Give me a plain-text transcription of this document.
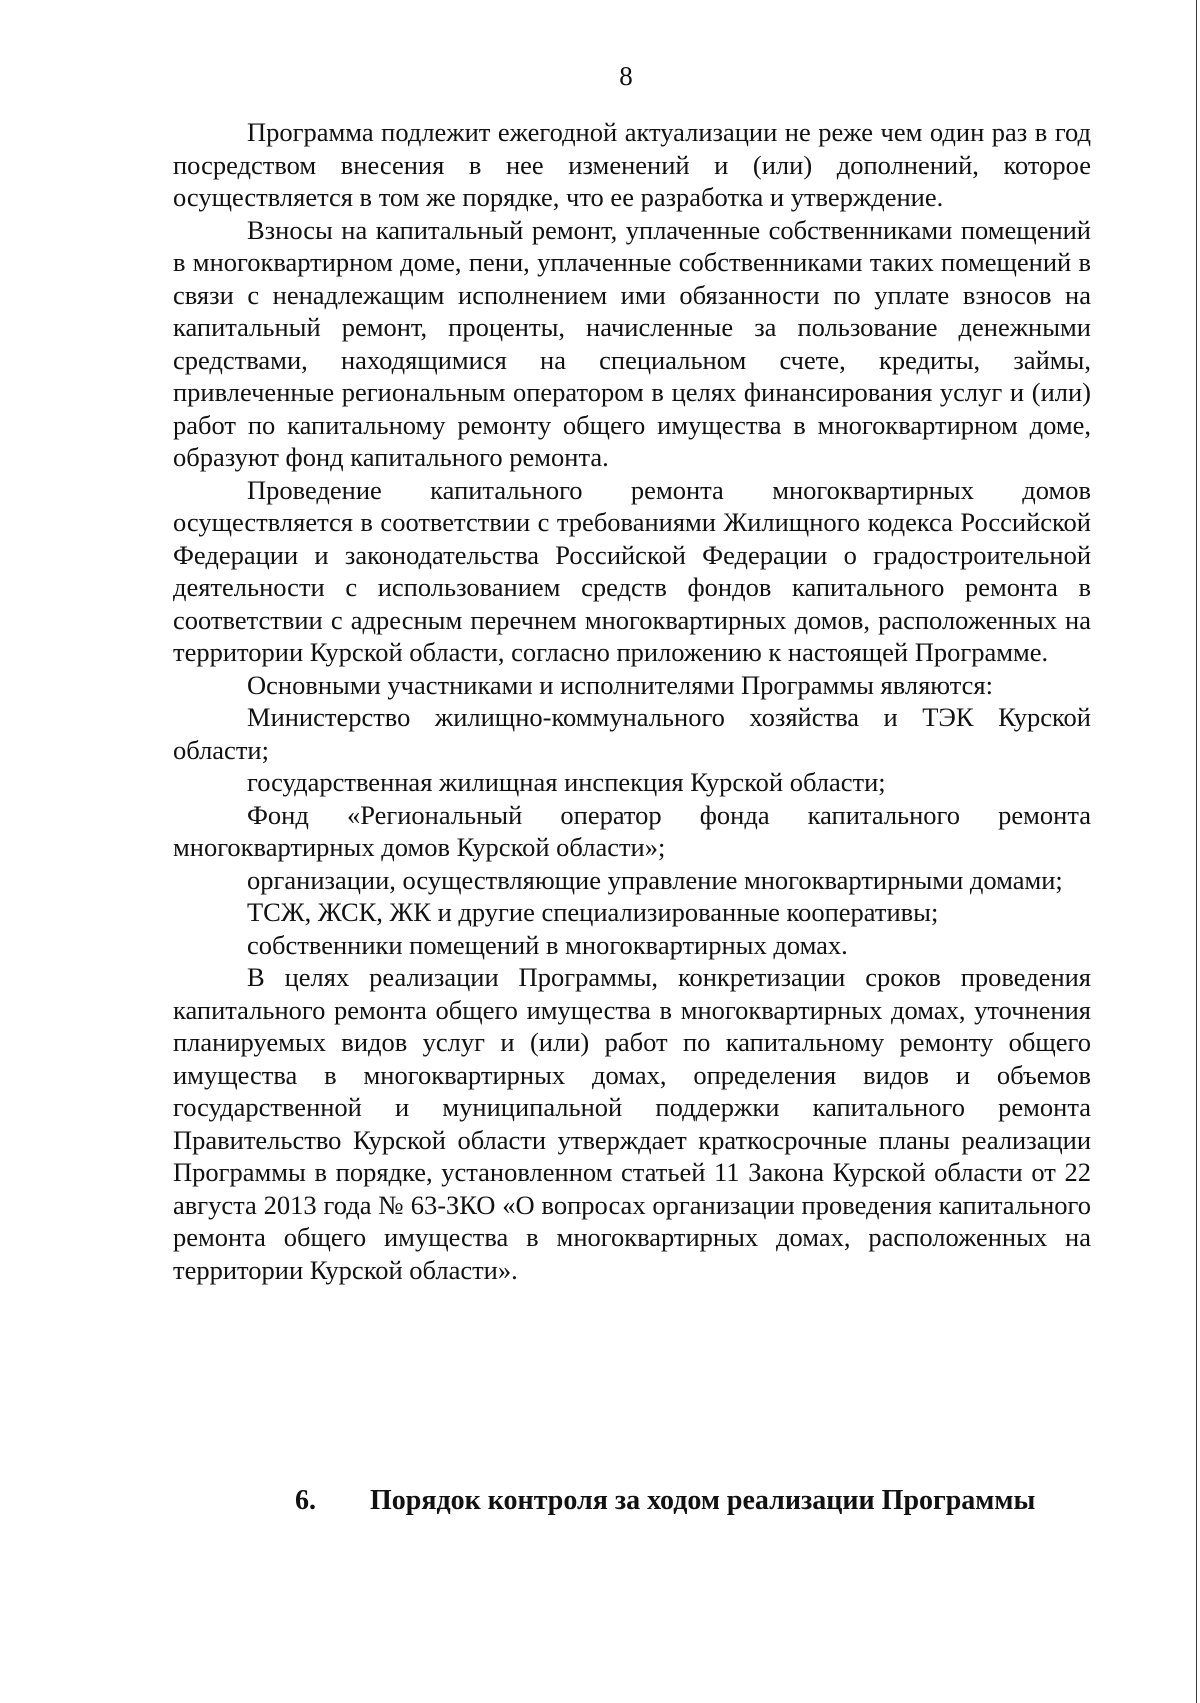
8

Программа подлежит ежегодной актуализации не реже чем один раз в год посредством внесения в нее изменений и (или) дополнений, которое осуществляется в том же порядке, что ее разработка и утверждение.

Взносы на капитальный ремонт, уплаченные собственниками помещений в многоквартирном доме, пени, уплаченные собственниками таких помещений в связи с ненадлежащим исполнением ими обязанности по уплате взносов на капитальный ремонт, проценты, начисленные за пользование денежными средствами, находящимися на специальном счете, кредиты, займы, привлеченные региональным оператором в целях финансирования услуг и (или) работ по капитальному ремонту общего имущества в многоквартирном доме, образуют фонд капитального ремонта.

Проведение капитального ремонта многоквартирных домов осуществляется в соответствии с требованиями Жилищного кодекса Российской Федерации и законодательства Российской Федерации о градостроительной деятельности с использованием средств фондов капитального ремонта в соответствии с адресным перечнем многоквартирных домов, расположенных на территории Курской области, согласно приложению к настоящей Программе.

Основными участниками и исполнителями Программы являются:

Министерство жилищно-коммунального хозяйства и ТЭК Курской области;

государственная жилищная инспекция Курской области;

Фонд «Региональный оператор фонда капитального ремонта многоквартирных домов Курской области»;

организации, осуществляющие управление многоквартирными домами;

ТСЖ, ЖСК, ЖК и другие специализированные кооперативы;

собственники помещений в многоквартирных домах.

В целях реализации Программы, конкретизации сроков проведения капитального ремонта общего имущества в многоквартирных домах, уточнения планируемых видов услуг и (или) работ по капитальному ремонту общего имущества в многоквартирных домах, определения видов и объемов государственной и муниципальной поддержки капитального ремонта Правительство Курской области утверждает краткосрочные планы реализации Программы в порядке, установленном статьей 11 Закона Курской области от 22 августа 2013 года № 63-ЗКО «О вопросах организации проведения капитального ремонта общего имущества в многоквартирных домах, расположенных на территории Курской области».

6. Порядок контроля за ходом реализации Программы
